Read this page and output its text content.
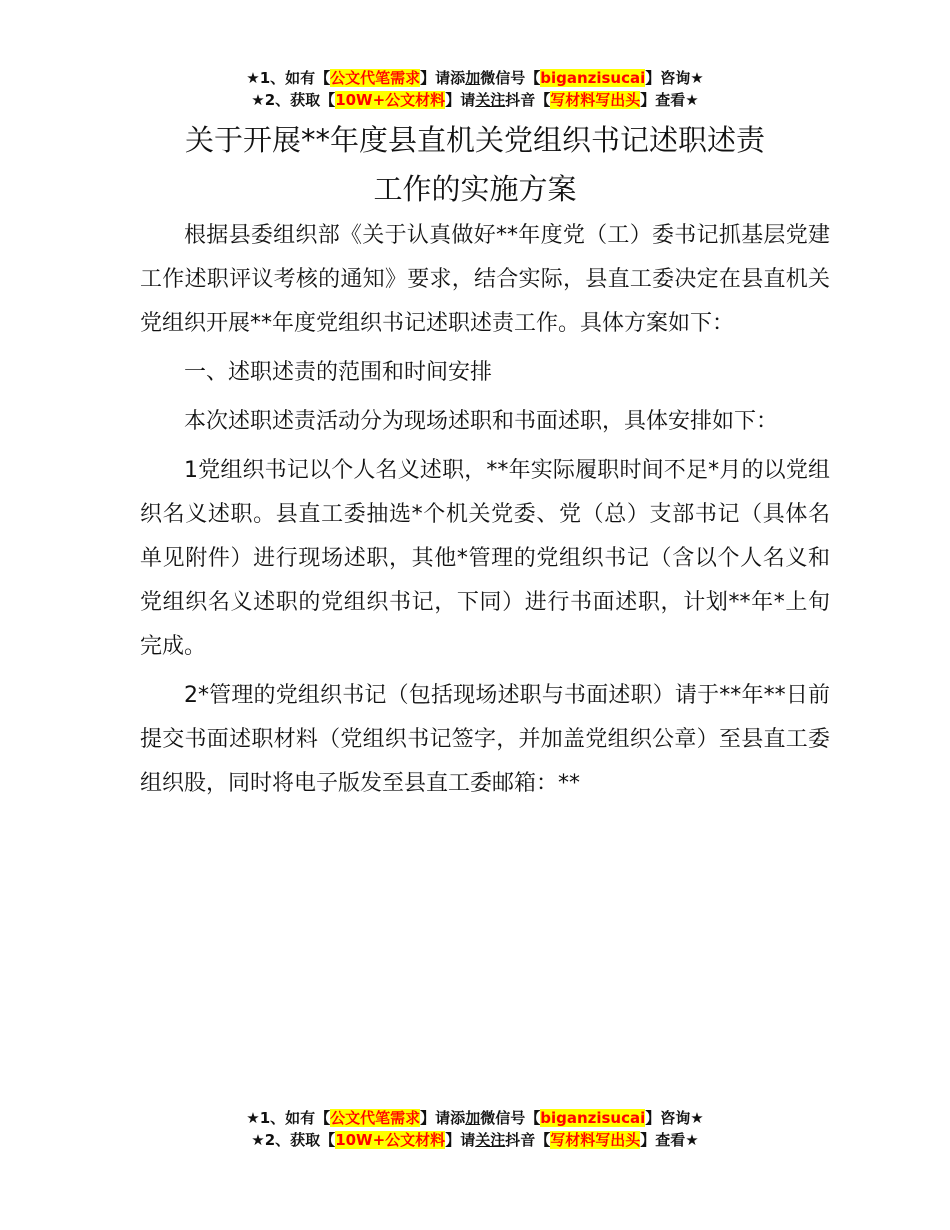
★1、如有【公文代笔需求】请添加微信号【biganzisucai】咨询★
★2、获取【10W+公文材料】请关注抖音【写材料写出头】查看★
关于开展**年度县直机关党组织书记述职述责
工作的实施方案

根据县委组织部《关于认真做好**年度党（工）委书记抓基层党建工作述职评议考核的通知》要求，结合实际，县直工委决定在县直机关党组织开展**年度党组织书记述职述责工作。具体方案如下：

一、述职述责的范围和时间安排

本次述职述责活动分为现场述职和书面述职，具体安排如下：

1党组织书记以个人名义述职，**年实际履职时间不足*月的以党组织名义述职。县直工委抽选*个机关党委、党（总）支部书记（具体名单见附件）进行现场述职，其他*管理的党组织书记（含以个人名义和党组织名义述职的党组织书记，下同）进行书面述职，计划**年*上旬完成。

2*管理的党组织书记（包括现场述职与书面述职）请于**年**日前提交书面述职材料（党组织书记签字，并加盖党组织公章）至县直工委组织股，同时将电子版发至县直工委邮箱：**

★1、如有【公文代笔需求】请添加微信号【biganzisucai】咨询★
★2、获取【10W+公文材料】请关注抖音【写材料写出头】查看★
